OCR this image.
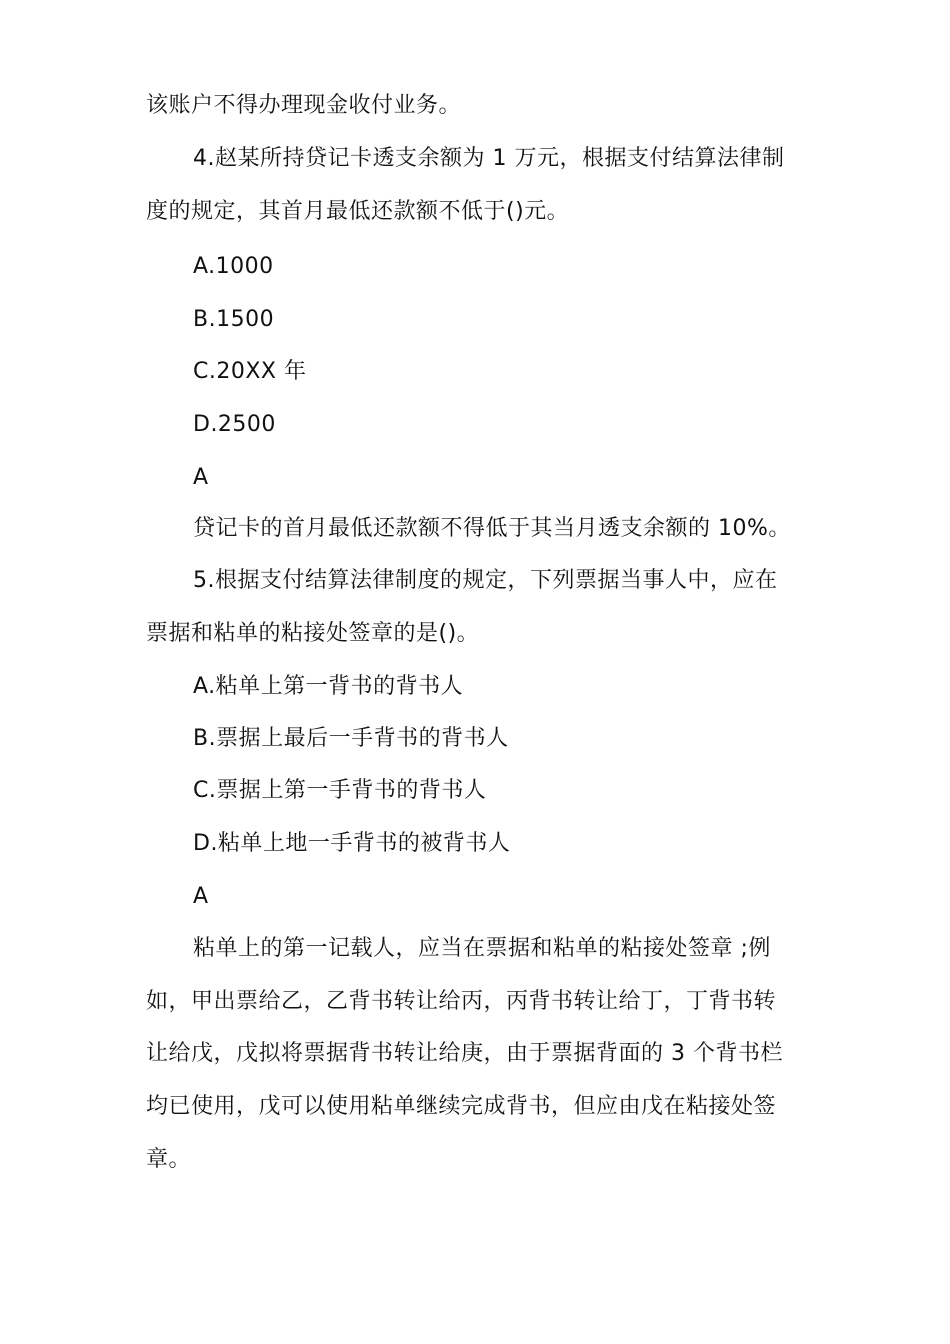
该账户不得办理现金收付业务。
4.赵某所持贷记卡透支余额为 1 万元，根据支付结算法律制
度的规定，其首月最低还款额不低于()元。
A.1000
B.1500
C.20XX 年
D.2500
A
贷记卡的首月最低还款额不得低于其当月透支余额的 10%。
5.根据支付结算法律制度的规定，下列票据当事人中，应在
票据和粘单的粘接处签章的是()。
A.粘单上第一背书的背书人
B.票据上最后一手背书的背书人
C.票据上第一手背书的背书人
D.粘单上地一手背书的被背书人
A
粘单上的第一记载人，应当在票据和粘单的粘接处签章 ;例
如，甲出票给乙，乙背书转让给丙，丙背书转让给丁，丁背书转
让给戊，戊拟将票据背书转让给庚，由于票据背面的 3 个背书栏
均已使用，戊可以使用粘单继续完成背书，但应由戊在粘接处签
章。
